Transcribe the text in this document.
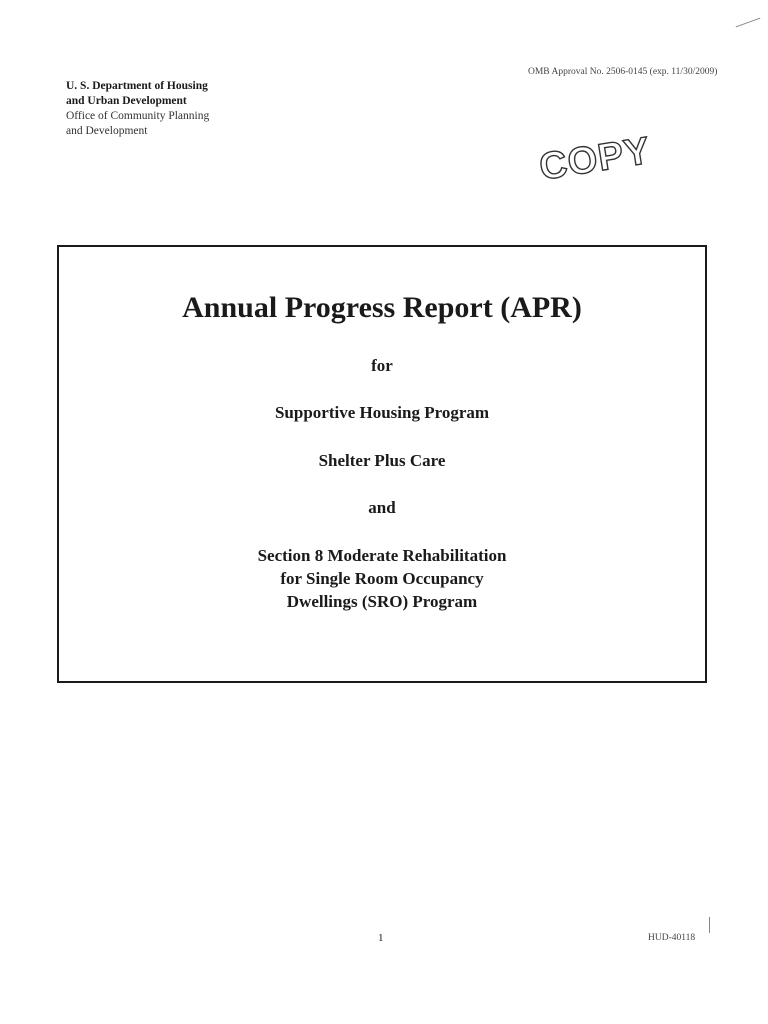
U. S. Department of Housing
and Urban Development
Office of Community Planning
and Development
OMB Approval No. 2506-0145 (exp. 11/30/2009)
COPY
Annual Progress Report (APR)

for

Supportive Housing Program

Shelter Plus Care

and

Section 8 Moderate Rehabilitation
for Single Room Occupancy
Dwellings (SRO) Program

1	HUD-40118
